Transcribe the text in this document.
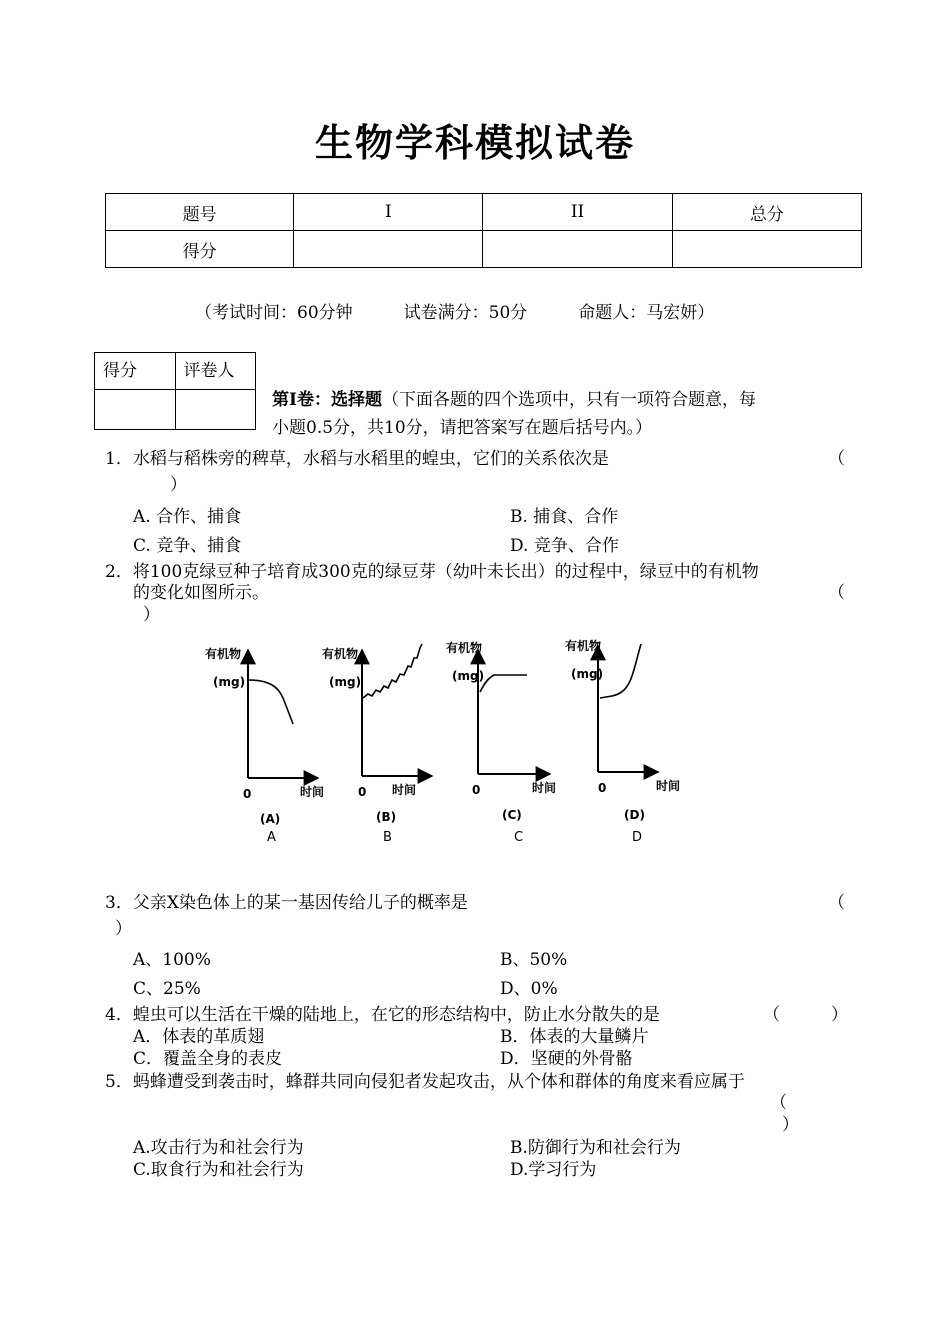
生物学科模拟试卷
题号	I	II	总分
得分			
（考试时间：60分钟　　　试卷满分：50分　　　命题人：马宏妍）
得分	评卷人

第Ⅰ卷：选择题（下面各题的四个选项中，只有一项符合题意，每
小题0.5分，共10分，请把答案写在题后括号内。）
1．水稻与稻株旁的稗草，水稻与水稻里的蝗虫，它们的关系依次是	（
）
A. 合作、捕食	B. 捕食、合作
C. 竞争、捕食	D. 竞争、合作
2．将100克绿豆种子培育成300克的绿豆芽（幼叶未长出）的过程中，绿豆中的有机物
的变化如图所示。	（
）
有机物
(mg)
0	时间
(A)
A
有机物
(mg)
0 时间
(B)
B
有机物
(mg)
0	时间
(C)
C
有机物
(mg)
0	时间
(D)
D
3．父亲X染色体上的某一基因传给儿子的概率是	（
）
A、100%	B、50%
C、25%	D、0%
4．蝗虫可以生活在干燥的陆地上，在它的形态结构中，防止水分散失的是	（　　　）
A．体表的革质翅	B．体表的大量鳞片
C．覆盖全身的表皮	D．坚硬的外骨骼
5．蚂蜂遭受到袭击时，蜂群共同向侵犯者发起攻击，从个体和群体的角度来看应属于
（
）
A.攻击行为和社会行为	B.防御行为和社会行为
C.取食行为和社会行为	D.学习行为
